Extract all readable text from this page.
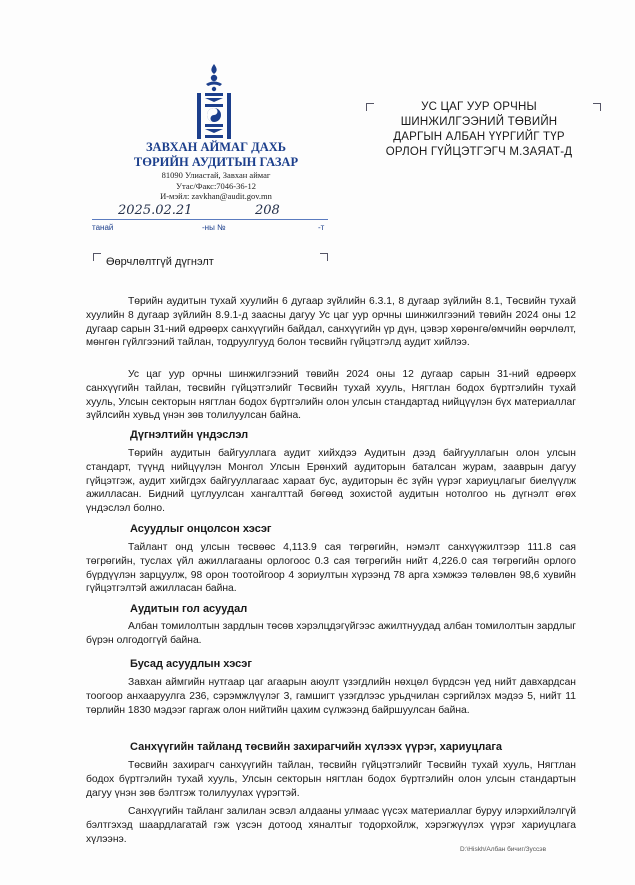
ЗАВХАН АЙМАГ ДАХЬ
ТӨРИЙН АУДИТЫН ГАЗАР
81090 Улиастай, Завхан аймаг
Утас/Факс:7046-36-12
И-мэйл: zavkhan@audit.gov.mn
УС ЦАГ УУР ОРЧНЫ
ШИНЖИЛГЭЭНИЙ ТӨВИЙН
ДАРГЫН АЛБАН ҮҮРГИЙГ ТҮР
ОРЛОН ГҮЙЦЭТГЭГЧ М.ЗАЯАТ-Д
2025.02.21	208
танай	-ны №	-т
Өөрчлөлтгүй дүгнэлт

Төрийн аудитын тухай хуулийн 6 дугаар зүйлийн 6.3.1, 8 дугаар зүйлийн 8.1, Төсвийн тухай хуулийн 8 дугаар зүйлийн 8.9.1-д заасны дагуу Ус цаг уур орчны шинжилгээний төвийн 2024 оны 12 дугаар сарын 31-ний өдрөөрх санхүүгийн байдал, санхүүгийн үр дүн, цэвэр хөрөнгө/өмчийн өөрчлөлт, мөнгөн гүйлгээний тайлан, тодруулгууд болон төсвийн гүйцэтгэлд аудит хийлээ.

Ус цаг уур орчны шинжилгээний төвийн 2024 оны 12 дугаар сарын 31-ний өдрөөрх санхүүгийн тайлан, төсвийн гүйцэтгэлийг Төсвийн тухай хууль, Нягтлан бодох бүртгэлийн тухай хууль, Улсын секторын нягтлан бодох бүртгэлийн олон улсын стандартад нийцүүлэн бүх материаллаг зүйлсийн хувьд үнэн зөв толилуулсан байна.

Дүгнэлтийн үндэслэл

Төрийн аудитын байгууллага аудит хийхдээ Аудитын дээд байгууллагын олон улсын стандарт, түүнд нийцүүлэн Монгол Улсын Ерөнхий аудиторын баталсан журам, зааврын дагуу гүйцэтгэж, аудит хийгдэх байгууллагаас хараат бус, аудиторын ёс зүйн үүрэг хариуцлагыг биелүүлж ажилласан. Бидний цуглуулсан хангалттай бөгөөд зохистой аудитын нотолгоо нь дүгнэлт өгөх үндэслэл болно.

Асуудлыг онцолсон хэсэг

Тайлант онд улсын төсвөөс 4,113.9 сая төгрөгийн, нэмэлт санхүүжилтээр 111.8 сая төгрөгийн, туслах үйл ажиллагааны орлогоос 0.3 сая төгрөгийн нийт 4,226.0 сая төгрөгийн орлого бүрдүүлэн зарцуулж, 98 орон тоотойгоор 4 зориултын хүрээнд 78 арга хэмжээ төлөвлөн 98,6 хувийн гүйцэтгэлтэй ажилласан байна.

Аудитын гол асуудал

Албан томилолтын зардлын төсөв хэрэлцдэгүйгээс ажилтнуудад албан томилолтын зардлыг бүрэн олгодоггүй байна.

Бусад асуудлын хэсэг

Завхан аймгийн нутгаар цаг агаарын аюулт үзэгдлийн нөхцөл бүрдсэн үед нийт давхардсан тоогоор анхааруулга 236, сэрэмжлүүлэг 3, гамшигт үзэгдлээс урьдчилан сэргийлэх мэдээ 5, нийт 11 төрлийн 1830 мэдээг гаргаж олон нийтийн цахим сүлжээнд байршуулсан байна.

Санхүүгийн тайланд төсвийн захирагчийн хүлээх үүрэг, хариуцлага

Төсвийн захирагч санхүүгийн тайлан, төсвийн гүйцэтгэлийг Төсвийн тухай хууль, Нягтлан бодох бүртгэлийн тухай хууль, Улсын секторын нягтлан бодох бүртгэлийн олон улсын стандартын дагуу үнэн зөв бэлтгэж толилуулах үүрэгтэй.

Санхүүгийн тайланг залилан эсвэл алдааны улмаас үүсэх материаллаг буруу илэрхийлэлгүй бэлтгэхэд шаардлагатай гэж үзсэн дотоод хяналтыг тодорхойлж, хэрэгжүүлэх үүрэг хариуцлага хүлээнэ.

D:\Hiskh/Албан бичиг/Зуссэв
